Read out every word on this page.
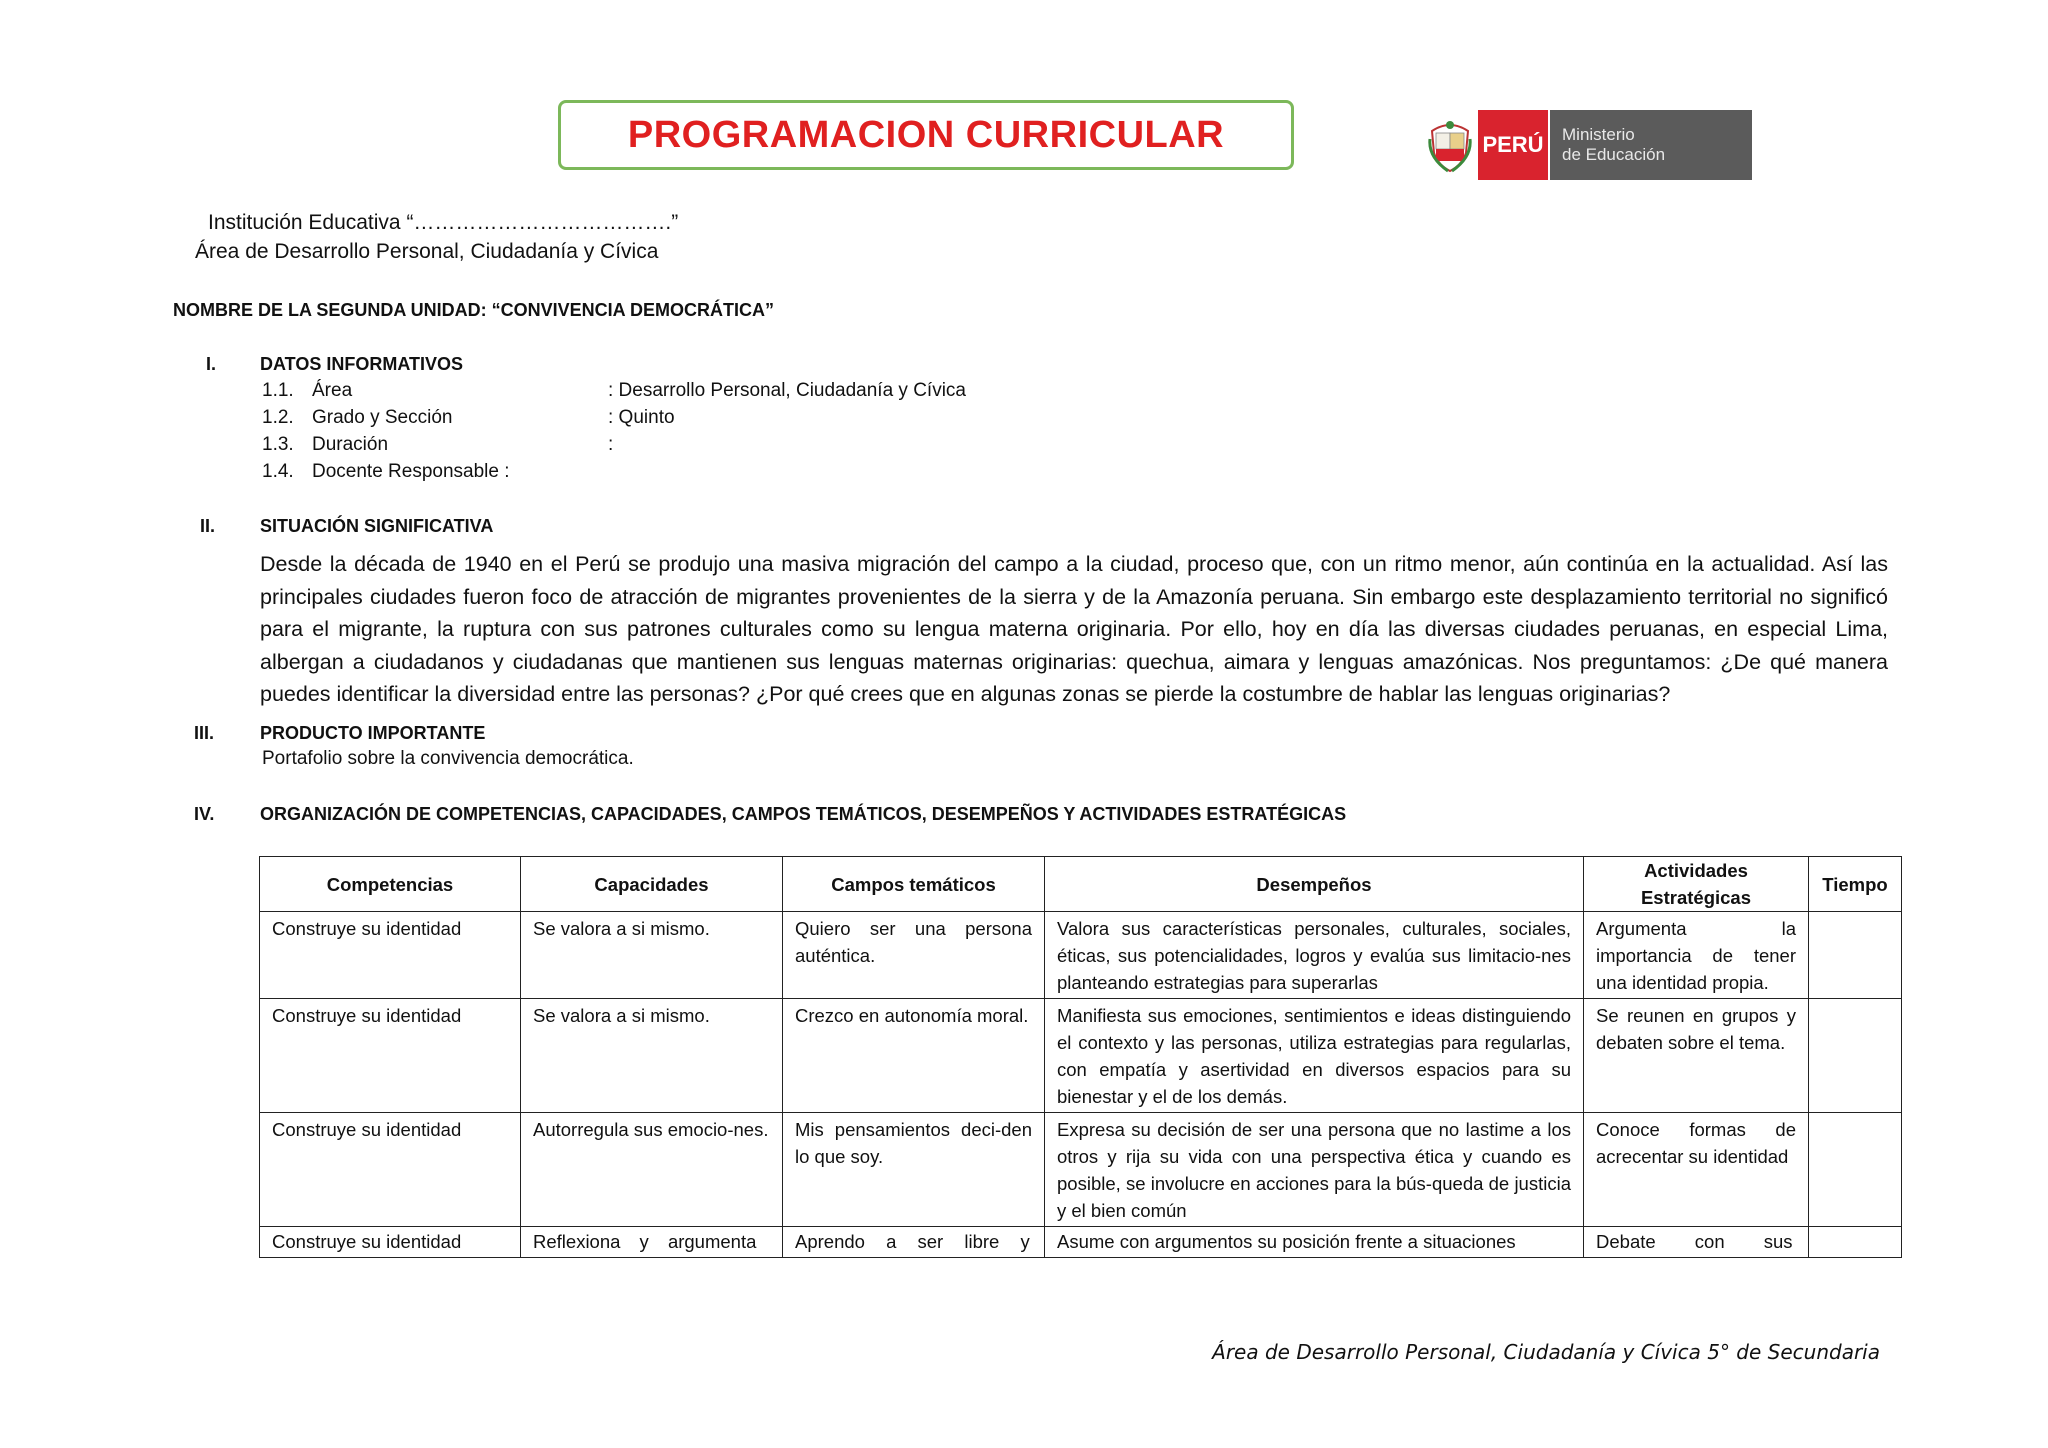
PROGRAMACION CURRICULAR	PERÚ Ministerio
de Educación
Institución Educativa “……………………………….”
Área de Desarrollo Personal, Ciudadanía y Cívica
NOMBRE DE LA SEGUNDA UNIDAD: “CONVIVENCIA DEMOCRÁTICA”
I. DATOS INFORMATIVOS
1.1. Área	: Desarrollo Personal, Ciudadanía y Cívica
1.2. Grado y Sección	: Quinto
1.3. Duración	:
1.4. Docente Responsable :
II. SITUACIÓN SIGNIFICATIVA
Desde la década de 1940 en el Perú se produjo una masiva migración del campo a la ciudad, proceso que, con un ritmo menor, aún continúa en la actualidad. Así las principales ciudades fueron foco de atracción de migrantes provenientes de la sierra y de la Amazonía peruana. Sin embargo este desplazamiento territorial no significó para el migrante, la ruptura con sus patrones culturales como su lengua materna originaria. Por ello, hoy en día las diversas ciudades peruanas, en especial Lima, albergan a ciudadanos y ciudadanas que mantienen sus lenguas maternas originarias: quechua, aimara y lenguas amazónicas. Nos preguntamos: ¿De qué manera puedes identificar la diversidad entre las personas? ¿Por qué crees que en algunas zonas se pierde la costumbre de hablar las lenguas originarias?
III.	PRODUCTO IMPORTANTE
Portafolio sobre la convivencia democrática.
IV.	ORGANIZACIÓN DE COMPETENCIAS, CAPACIDADES, CAMPOS TEMÁTICOS, DESEMPEÑOS Y ACTIVIDADES ESTRATÉGICAS
Competencias	Capacidades	Campos temáticos	Desempeños	Actividades Estratégicas	Tiempo
Construye su identidad	Se valora a si mismo.	Quiero ser una persona auténtica.	Valora sus características personales, culturales, sociales, éticas, sus potencialidades, logros y evalúa sus limitacio-nes planteando estrategias para superarlas	Argumenta la importancia de tener una identidad propia.	
Construye su identidad	Se valora a si mismo.	Crezco en autonomía moral.	Manifiesta sus emociones, sentimientos e ideas distinguiendo el contexto y las personas, utiliza estrategias para regularlas, con empatía y asertividad en diversos espacios para su bienestar y el de los demás.	Se reunen en grupos y debaten sobre el tema.	
Construye su identidad	Autorregula sus emocio-nes.	Mis pensamientos deci-den lo que soy.	Expresa su decisión de ser una persona que no lastime a los otros y rija su vida con una perspectiva ética y cuando es posible, se involucre en acciones para la bús-queda de justicia y el bien común	Conoce formas de acrecentar su identidad	
Construye su identidad	Reflexiona y argumenta	Aprendo a ser libre y	Asume con argumentos su posición frente a situaciones	Debate con sus	
Área de Desarrollo Personal, Ciudadanía y Cívica 5° de Secundaria
